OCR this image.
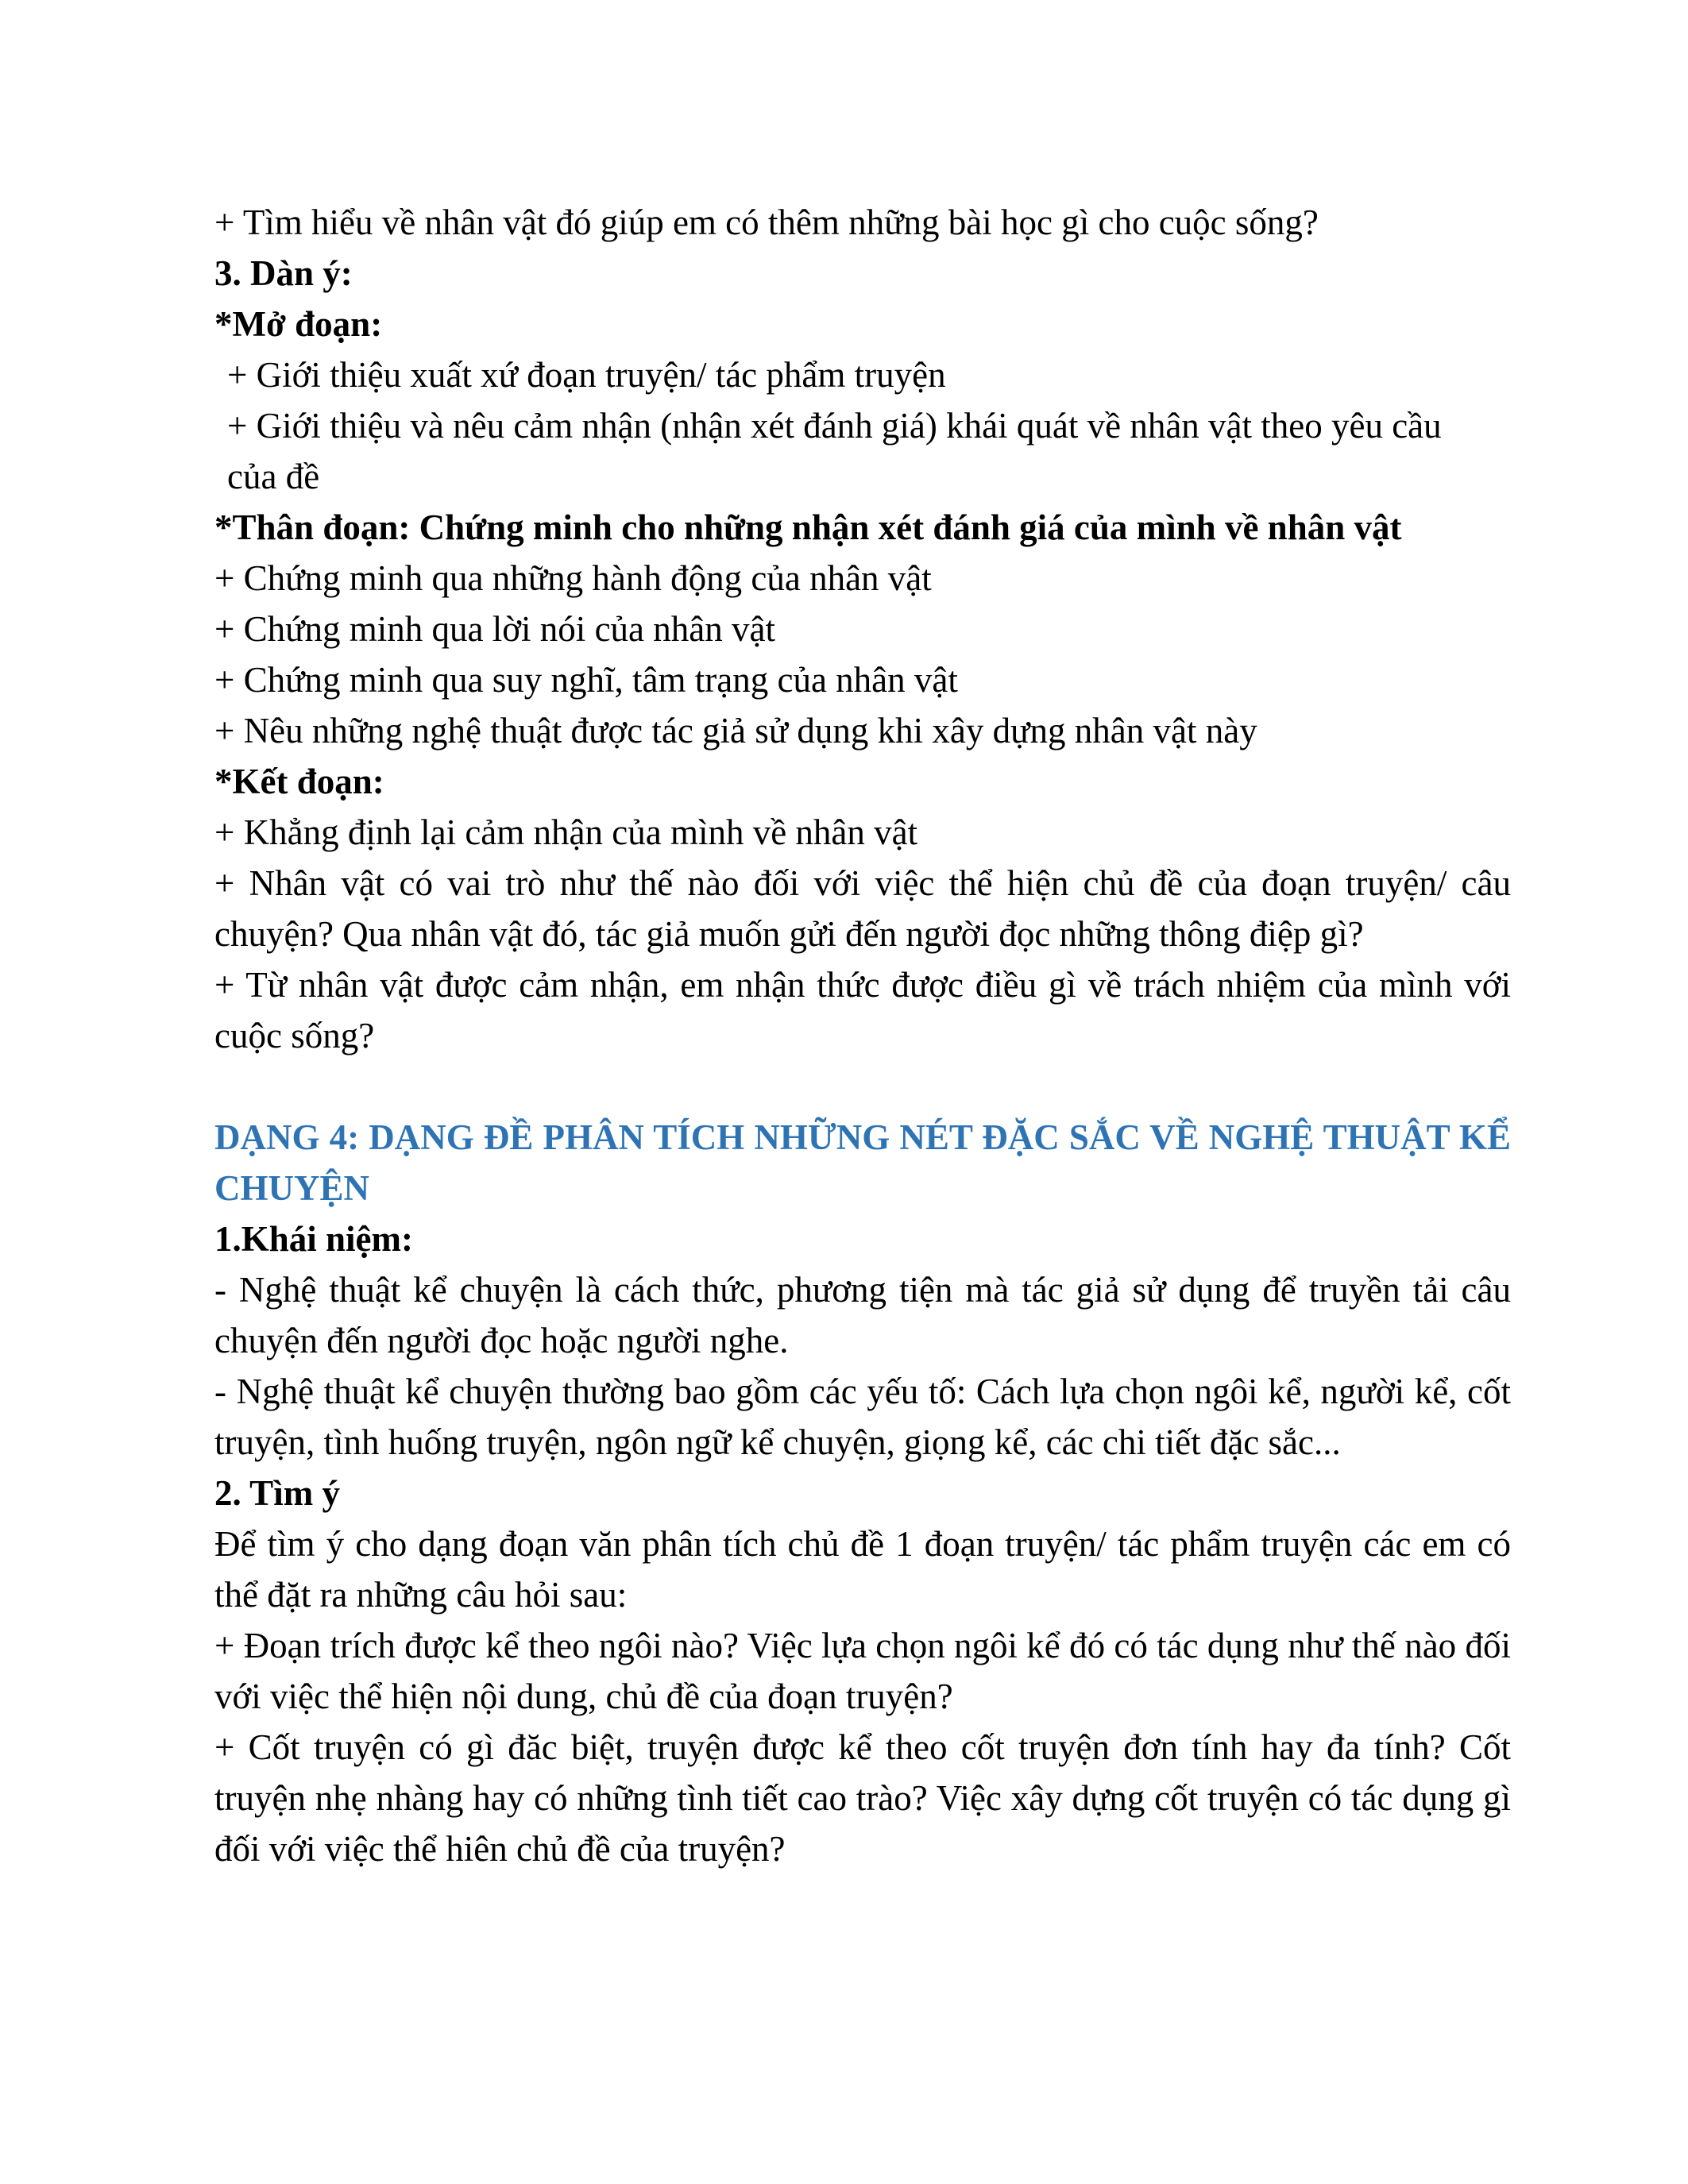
+ Tìm hiểu về nhân vật đó giúp em có thêm những bài học gì cho cuộc sống?

3. Dàn ý:

*Mở đoạn:

+ Giới thiệu xuất xứ đoạn truyện/ tác phẩm truyện

+ Giới thiệu và nêu cảm nhận (nhận xét đánh giá) khái quát về nhân vật theo yêu cầu của đề

*Thân đoạn: Chứng minh cho những nhận xét đánh giá của mình về nhân vật

+ Chứng minh qua những hành động của nhân vật

+ Chứng minh qua lời nói của nhân vật

+ Chứng minh qua suy nghĩ, tâm trạng của nhân vật

+ Nêu những nghệ thuật được tác giả sử dụng khi xây dựng nhân vật này

*Kết đoạn:

+ Khẳng định lại cảm nhận của mình về nhân vật

+ Nhân vật có vai trò như thế nào đối với việc thể hiện chủ đề của đoạn truyện/ câu chuyện? Qua nhân vật đó, tác giả muốn gửi đến người đọc những thông điệp gì?

+ Từ nhân vật được cảm nhận, em nhận thức được điều gì về trách nhiệm của mình với cuộc sống?

DẠNG 4: DẠNG ĐỀ PHÂN TÍCH NHỮNG NÉT ĐẶC SẮC VỀ NGHỆ THUẬT KỂ CHUYỆN

1.Khái niệm:

- Nghệ thuật kể chuyện là cách thức, phương tiện mà tác giả sử dụng để truyền tải câu chuyện đến người đọc hoặc người nghe.

- Nghệ thuật kể chuyện thường bao gồm các yếu tố: Cách lựa chọn ngôi kể, người kể, cốt truyện, tình huống truyện, ngôn ngữ kể chuyện, giọng kể, các chi tiết đặc sắc...

2. Tìm ý

Để tìm ý cho dạng đoạn văn phân tích chủ đề 1 đoạn truyện/ tác phẩm truyện các em có thể đặt ra những câu hỏi sau:

+ Đoạn trích được kể theo ngôi nào? Việc lựa chọn ngôi kể đó có tác dụng như thế nào đối với việc thể hiện nội dung, chủ đề của đoạn truyện?

+ Cốt truyện có gì đăc biệt, truyện được kể theo cốt truyện đơn tính hay đa tính? Cốt truyện nhẹ nhàng hay có những tình tiết cao trào? Việc xây dựng cốt truyện có tác dụng gì đối với việc thể hiên chủ đề của truyện?
